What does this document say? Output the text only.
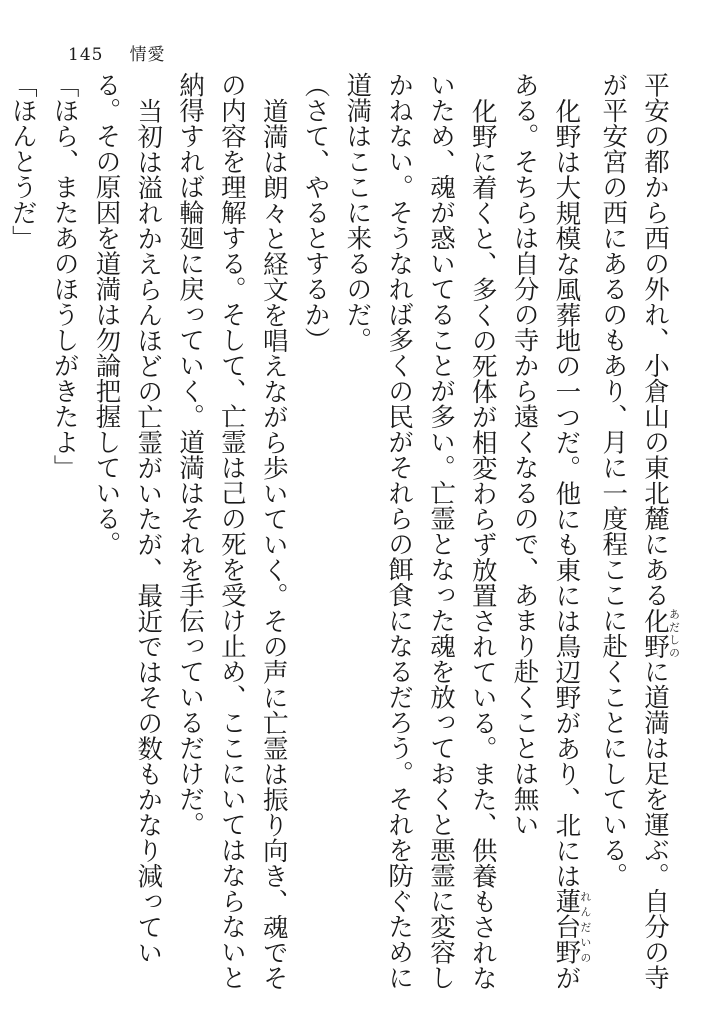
145 情愛

平安の都から西の外れ、小倉山の東北麓にある化野あだしのに道満は足を運ぶ。自分の寺が平安宮の西にあるのもあり、月に一度程ここに赴くことにしている。

化野は大規模な風葬地の一つだ。他にも東には鳥辺野があり、北には蓮台野れんだいのがある。そちらは自分の寺から遠くなるので、あまり赴くことは無い

化野に着くと、多くの死体が相変わらず放置されている。また、供養もされないため、魂が惑いてることが多い。亡霊となった魂を放っておくと悪霊に変容しかねない。そうなれば多くの民がそれらの餌食になるだろう。それを防ぐために道満はここに来るのだ。

（さて、やるとするか）

道満は朗々と経文を唱えながら歩いていく。その声に亡霊は振り向き、魂でその内容を理解する。そして、亡霊は己の死を受け止め、ここにいてはならないと納得すれば輪廻に戻っていく。道満はそれを手伝っているだけだ。

当初は溢れかえらんほどの亡霊がいたが、最近ではその数もかなり減っている。その原因を道満は勿論把握している。

「ほら、またあのほうしがきたよ」

「ほんとうだ」
